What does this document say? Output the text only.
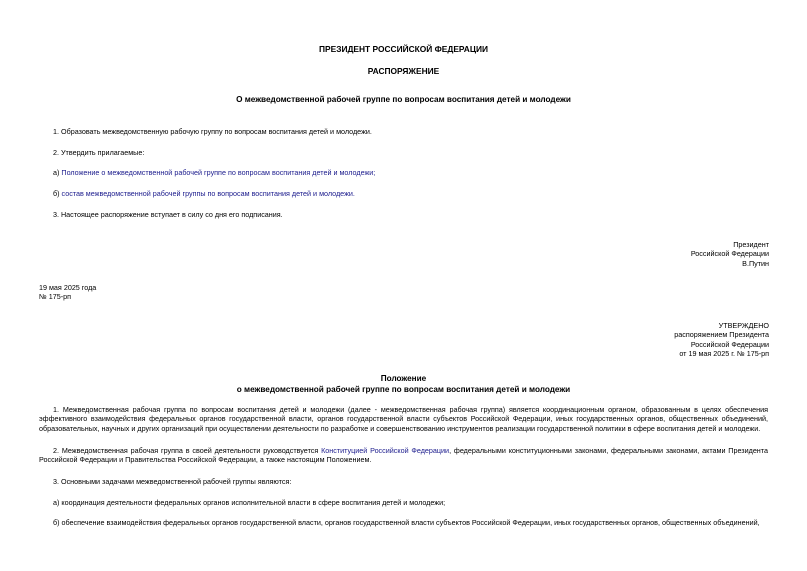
ПРЕЗИДЕНТ РОССИЙСКОЙ ФЕДЕРАЦИИ
РАСПОРЯЖЕНИЕ
О межведомственной рабочей группе по вопросам воспитания детей и молодежи
1. Образовать межведомственную рабочую группу по вопросам воспитания детей и молодежи.
2. Утвердить прилагаемые:
а) Положение о межведомственной рабочей группе по вопросам воспитания детей и молодежи;
б) состав межведомственной рабочей группы по вопросам воспитания детей и молодежи.
3. Настоящее распоряжение вступает в силу со дня его подписания.
Президент
Российской Федерации
В.Путин
19 мая 2025 года
№ 175-рп
УТВЕРЖДЕНО
распоряжением Президента
Российской Федерации
от 19 мая 2025 г. № 175-рп
Положение
о межведомственной рабочей группе по вопросам воспитания детей и молодежи
1. Межведомственная рабочая группа по вопросам воспитания детей и молодежи (далее - межведомственная рабочая группа) является координационным органом, образованным в целях обеспечения эффективного взаимодействия федеральных органов государственной власти, органов государственной власти субъектов Российской Федерации, иных государственных органов, общественных объединений, образовательных, научных и других организаций при осуществлении деятельности по разработке и совершенствованию инструментов реализации государственной политики в сфере воспитания детей и молодежи.
2. Межведомственная рабочая группа в своей деятельности руководствуется Конституцией Российской Федерации, федеральными конституционными законами, федеральными законами, актами Президента Российской Федерации и Правительства Российской Федерации, а также настоящим Положением.
3. Основными задачами межведомственной рабочей группы являются:
а) координация деятельности федеральных органов исполнительной власти в сфере воспитания детей и молодежи;
б) обеспечение взаимодействия федеральных органов государственной власти, органов государственной власти субъектов Российской Федерации, иных государственных органов, общественных объединений,
